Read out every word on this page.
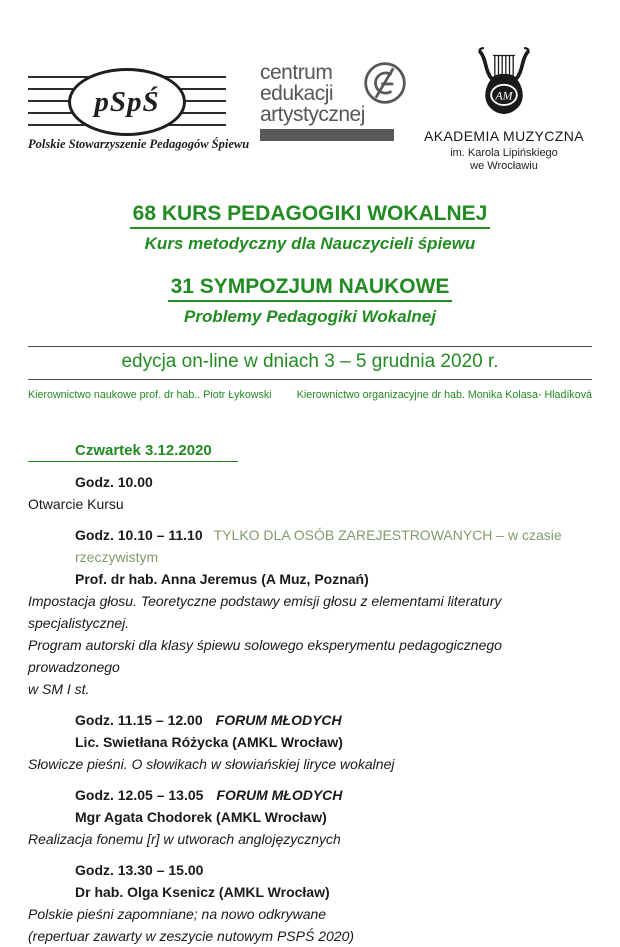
pSpŚ
Polskie Stowarzyszenie Pedagogów Śpiewu
centrum
edukacji
artystycznej
AM
AKADEMIA MUZYCZNA
im. Karola Lipińskiego
we Wrocławiu
68 KURS PEDAGOGIKI WOKALNEJ
Kurs metodyczny dla Nauczycieli śpiewu
31 SYMPOZJUM NAUKOWE
Problemy Pedagogiki Wokalnej
edycja on-line w dniach 3 – 5 grudnia 2020 r.
Kierownictwo naukowe prof. dr hab.. Piotr Łykowski Kierownictwo organizacyjne dr hab. Monika Kolasa- Hladíková
Czwartek 3.12.2020
Godz. 10.00
Otwarcie Kursu
Godz. 10.10 – 11.10 TYLKO DLA OSÓB ZAREJESTROWANYCH – w czasie rzeczywistym
Prof. dr hab. Anna Jeremus (A Muz, Poznań)
Impostacja głosu. Teoretyczne podstawy emisji głosu z elementami literatury specjalistycznej.
Program autorski dla klasy śpiewu solowego eksperymentu pedagogicznego prowadzonego
w SM I st.
Godz. 11.15 – 12.00 FORUM MŁODYCH
Lic. Swietłana Różycka (AMKL Wrocław)
Słowicze pieśni. O słowikach w słowiańskiej liryce wokalnej
Godz. 12.05 – 13.05 FORUM MŁODYCH
Mgr Agata Chodorek (AMKL Wrocław)
Realizacja fonemu [r] w utworach anglojęzycznych
Godz. 13.30 – 15.00
Dr hab. Olga Ksenicz (AMKL Wrocław)
Polskie pieśni zapomniane; na nowo odkrywane
(repertuar zawarty w zeszycie nutowym PSPŚ 2020)
